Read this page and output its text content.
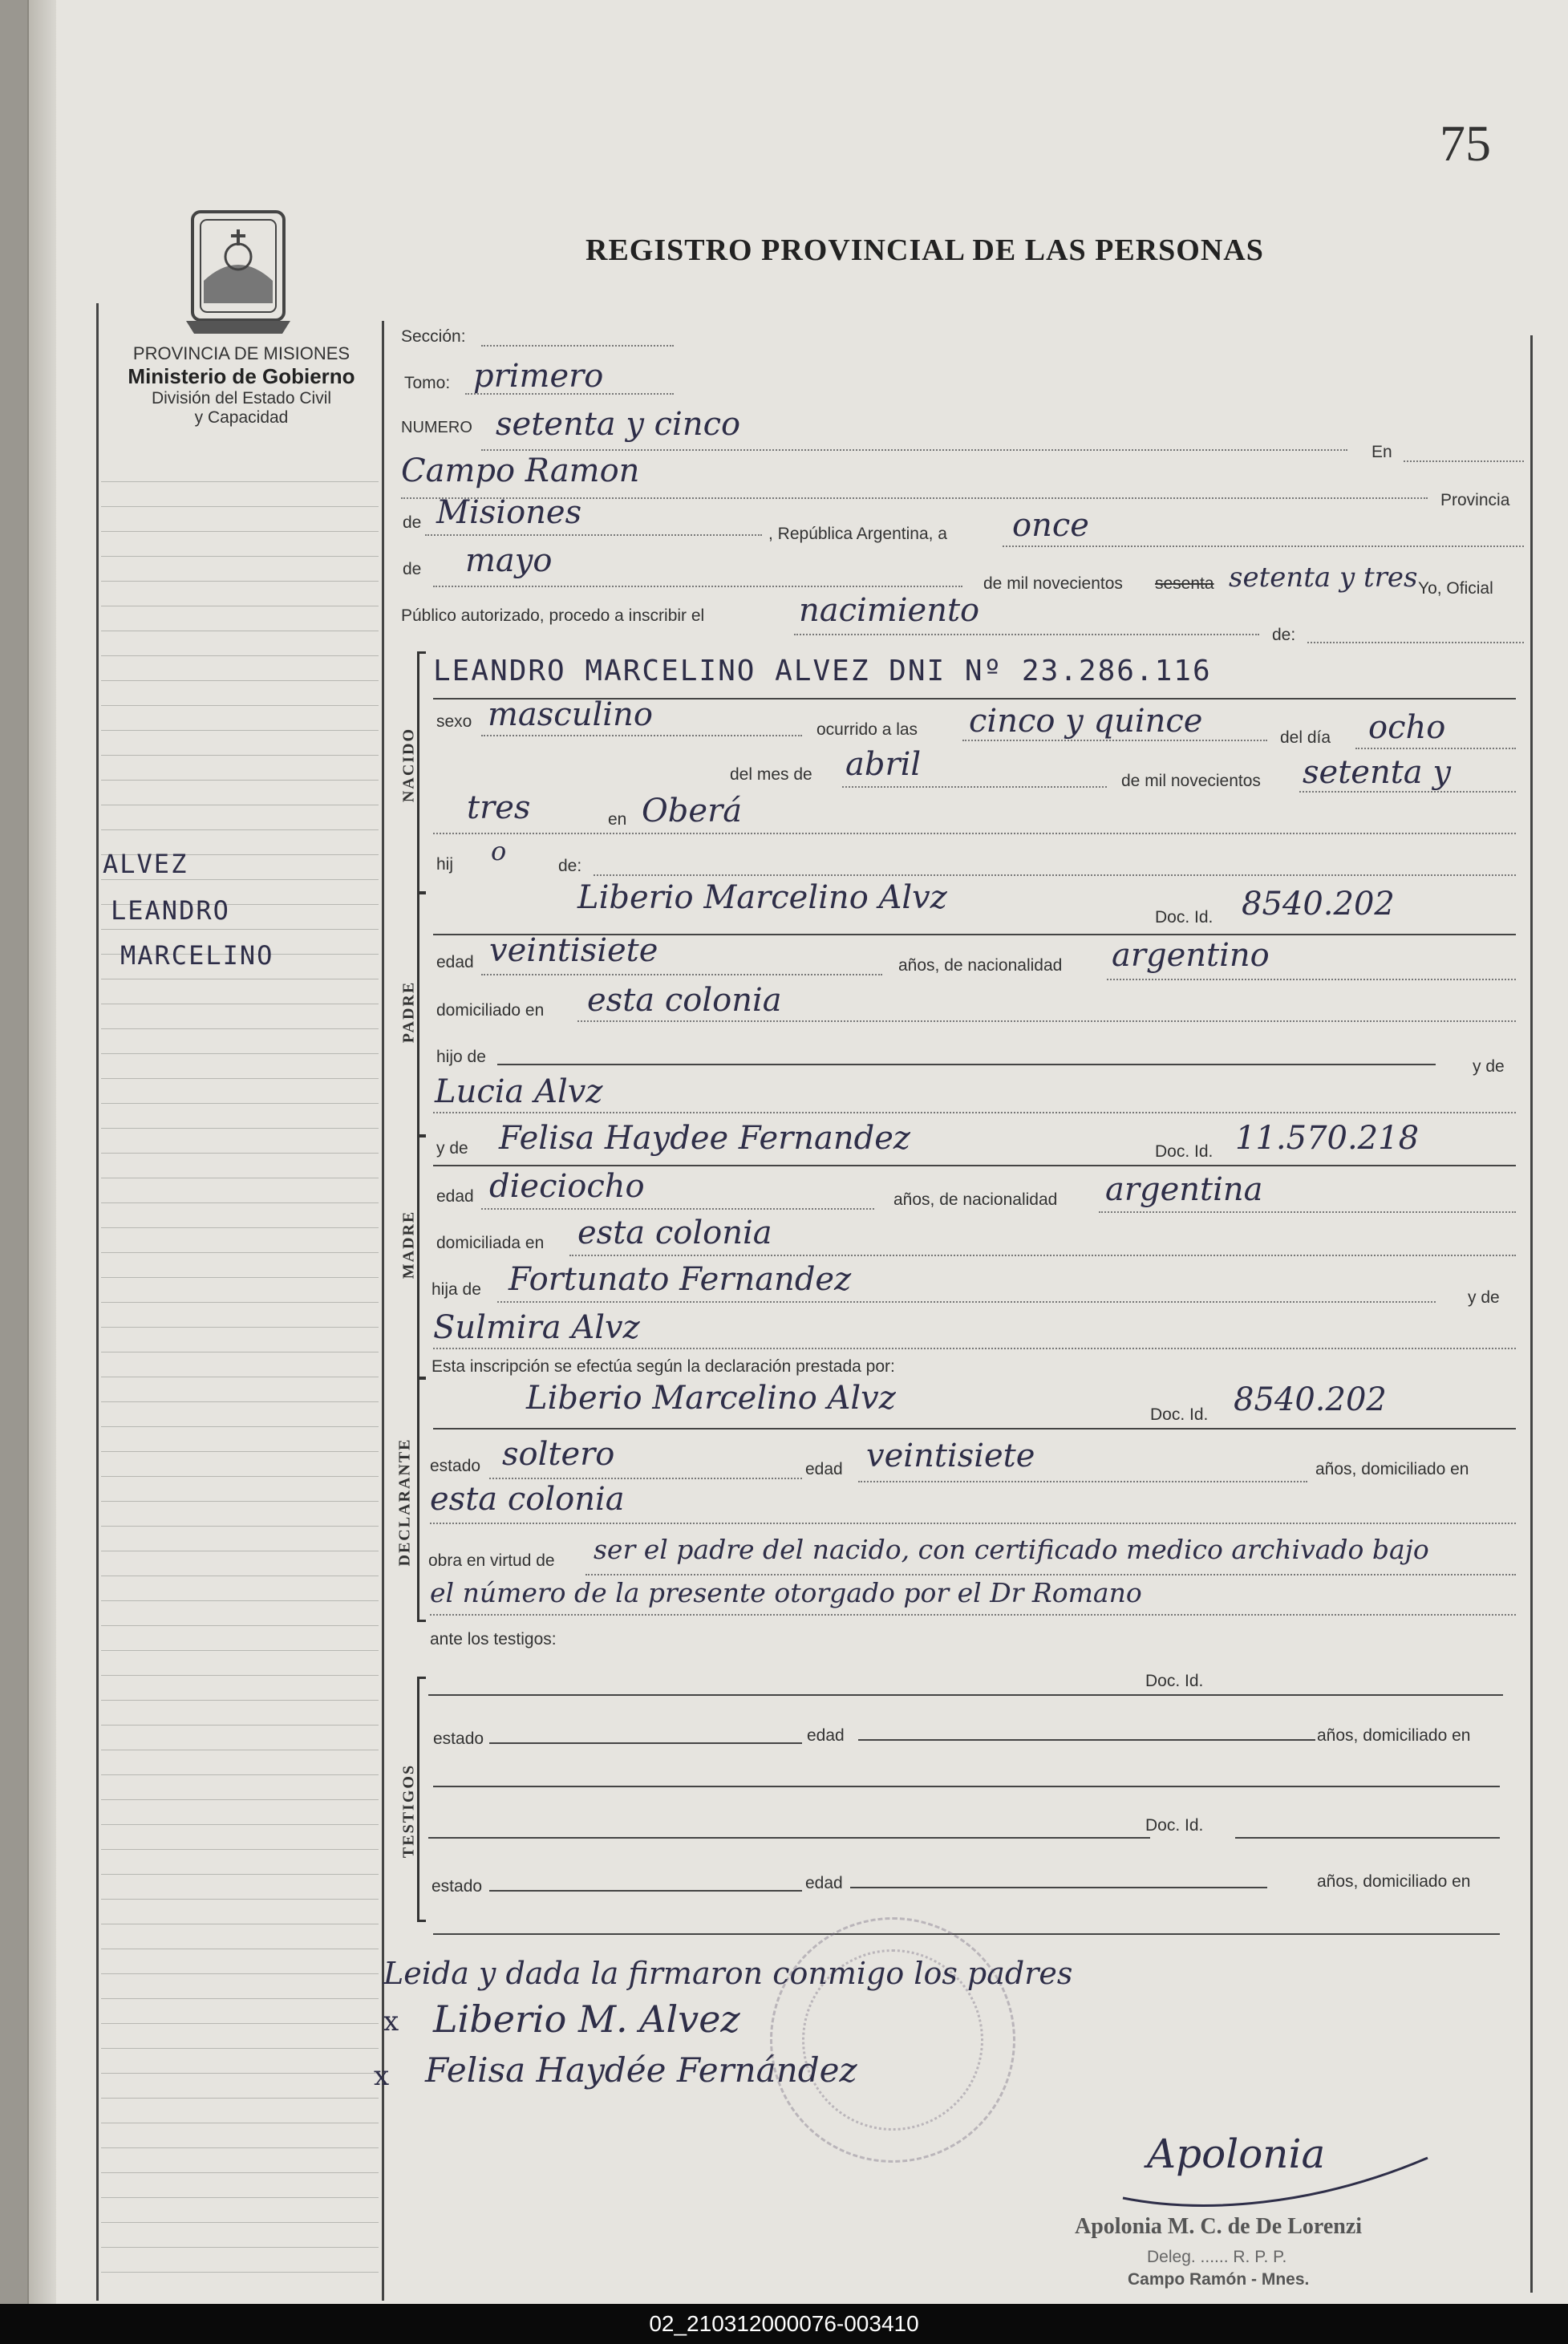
75
REGISTRO PROVINCIAL DE LAS PERSONAS
PROVINCIA DE MISIONES
Ministerio de Gobierno
División del Estado Civil
y Capacidad
ALVEZ
LEANDRO
MARCELINO
Sección:
Tomo: primero
NUMERO setenta y cinco
En
Campo Ramon
Provincia
de Misiones
, República Argentina, a once
de mayo
de mil novecientos sesenta setenta y tres Yo, Oficial
Público autorizado, procedo a inscribir el	nacimiento
de:
NACIDO
LEANDRO MARCELINO ALVEZ DNI Nº 23.286.116
sexo masculino	ocurrido a las cinco y quince	del día ocho
del mes de abril	de mil novecientos setenta y
tres	en Oberá
hij o	de:
PADRE
Liberio Marcelino Alvz
Doc. Id. 8540.202
edad veintisiete	años, de nacionalidad argentino
domiciliado en esta colonia
hijo de
y de
Lucia Alvz
MADRE
y de Felisa Haydee Fernandez	Doc. Id. 11.570.218
edad dieciocho	años, de nacionalidad argentina
domiciliada en esta colonia
hija de Fortunato Fernandez	y de
Sulmira Alvz
Esta inscripción se efectúa según la declaración prestada por:
DECLARANTE
Liberio Marcelino Alvz	Doc. Id. 8540.202
estado soltero	edad veintisiete	años, domiciliado en
esta colonia
obra en virtud de ser el padre del nacido, con certificado medico archivado bajo
el número de la presente otorgado por el Dr Romano
ante los testigos:
TESTIGOS
Doc. Id.
estado	edad	años, domiciliado en
Doc. Id.
estado	edad	años, domiciliado en
Leida y dada la firmaron conmigo los padres
x Liberio M. Alvez
x Felisa Haydée Fernández
Apolonia
Apolonia M. C. de De Lorenzi
Deleg. ...... R. P. P.
Campo Ramón - Mnes.
02_210312000076-003410
